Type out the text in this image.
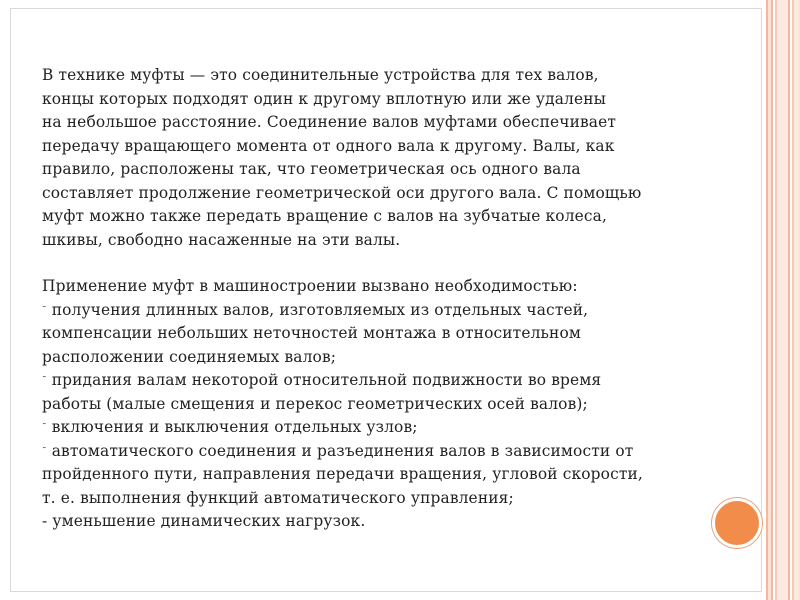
В технике муфты — это соединительные устройства для тех валов,
концы которых подходят один к другому вплотную или же удалены
на небольшое расстояние. Соединение валов муфтами обеспечивает
передачу вращающего момента от одного вала к другому. Валы, как
правило, расположены так, что геометрическая ось одного вала
составляет продолжение геометрической оси другого вала. С помощью
муфт можно также передать вращение с валов на зубчатые колеса,
шкивы, свободно насаженные на эти валы.

Применение муфт в машиностроении вызвано необходимостью:

˜

получения длинных валов, изготовляемых из отдельных частей,
компенсации небольших неточностей монтажа в относительном
расположении соединяемых валов;

˜

придания валам некоторой относительной подвижности во время
работы (малые смещения и перекос геометрических осей валов);

˜

включения и выключения отдельных узлов;

˜

автоматического соединения и разъединения валов в зависимости от
пройденного пути, направления передачи вращения, угловой скорости,
т. е. выполнения функций автоматического управления;

- уменьшение динамических нагрузок.
